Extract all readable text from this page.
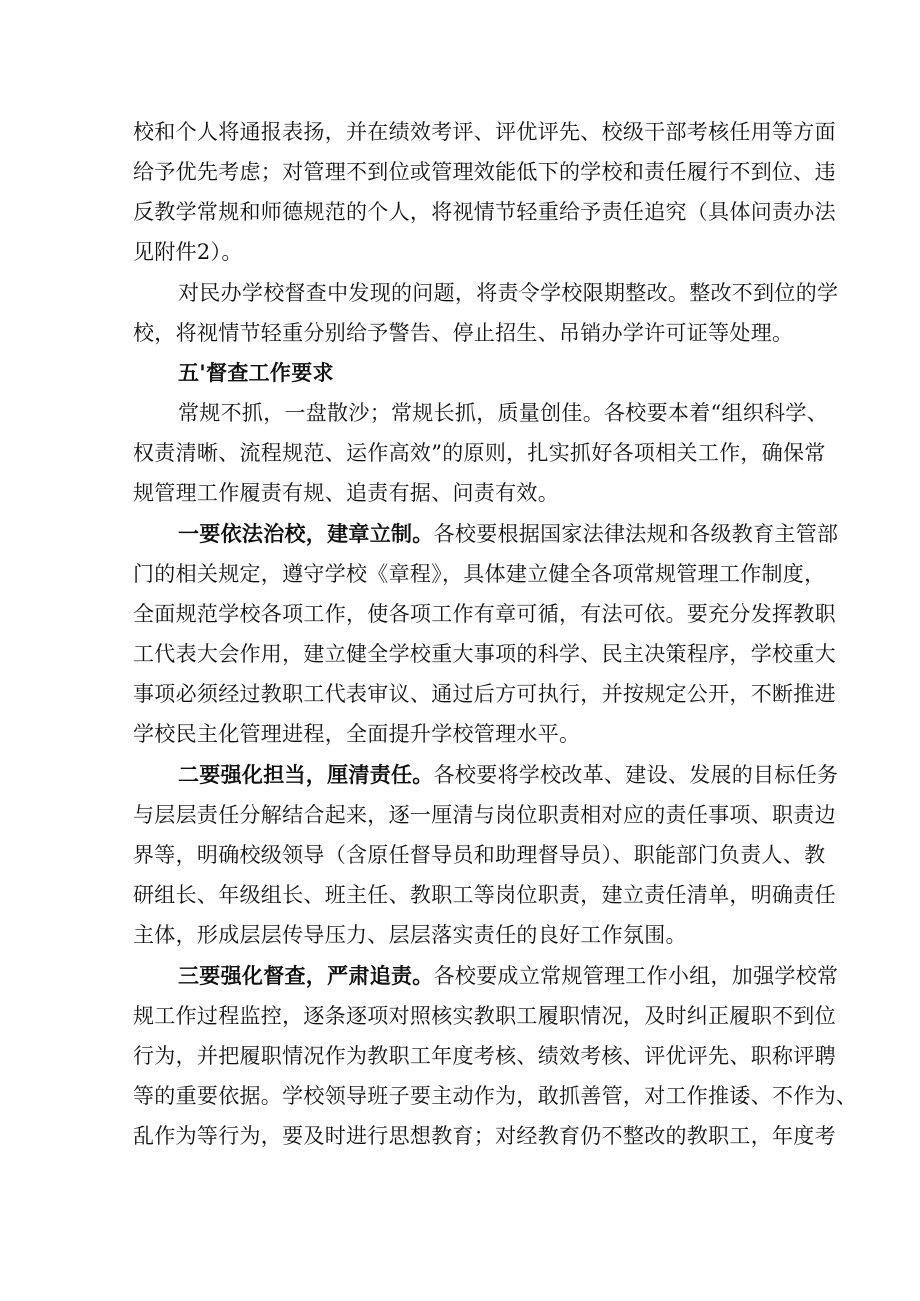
校和个人将通报表扬，并在绩效考评、评优评先、校级干部考核任用等方面
给予优先考虑；对管理不到位或管理效能低下的学校和责任履行不到位、违
反教学常规和师德规范的个人，将视情节轻重给予责任追究（具体问责办法
见附件2）。
对民办学校督查中发现的问题，将责令学校限期整改。整改不到位的学
校，将视情节轻重分别给予警告、停止招生、吊销办学许可证等处理。
五'督查工作要求
常规不抓，一盘散沙；常规长抓，质量创佳。各校要本着“组织科学、
权责清晰、流程规范、运作高效”的原则，扎实抓好各项相关工作，确保常
规管理工作履责有规、追责有据、问责有效。
一要依法治校，建章立制。各校要根据国家法律法规和各级教育主管部
门的相关规定，遵守学校《章程》，具体建立健全各项常规管理工作制度，
全面规范学校各项工作，使各项工作有章可循，有法可依。要充分发挥教职
工代表大会作用，建立健全学校重大事项的科学、民主决策程序，学校重大
事项必须经过教职工代表审议、通过后方可执行，并按规定公开，不断推进
学校民主化管理进程，全面提升学校管理水平。
二要强化担当，厘清责任。各校要将学校改革、建设、发展的目标任务
与层层责任分解结合起来，逐一厘清与岗位职责相对应的责任事项、职责边
界等，明确校级领导（含原任督导员和助理督导员）、职能部门负责人、教
研组长、年级组长、班主任、教职工等岗位职责，建立责任清单，明确责任
主体，形成层层传导压力、层层落实责任的良好工作氛围。
三要强化督查，严肃追责。各校要成立常规管理工作小组，加强学校常
规工作过程监控，逐条逐项对照核实教职工履职情况，及时纠正履职不到位
行为，并把履职情况作为教职工年度考核、绩效考核、评优评先、职称评聘
等的重要依据。学校领导班子要主动作为，敢抓善管，对工作推诿、不作为、
乱作为等行为，要及时进行思想教育；对经教育仍不整改的教职工，年度考
